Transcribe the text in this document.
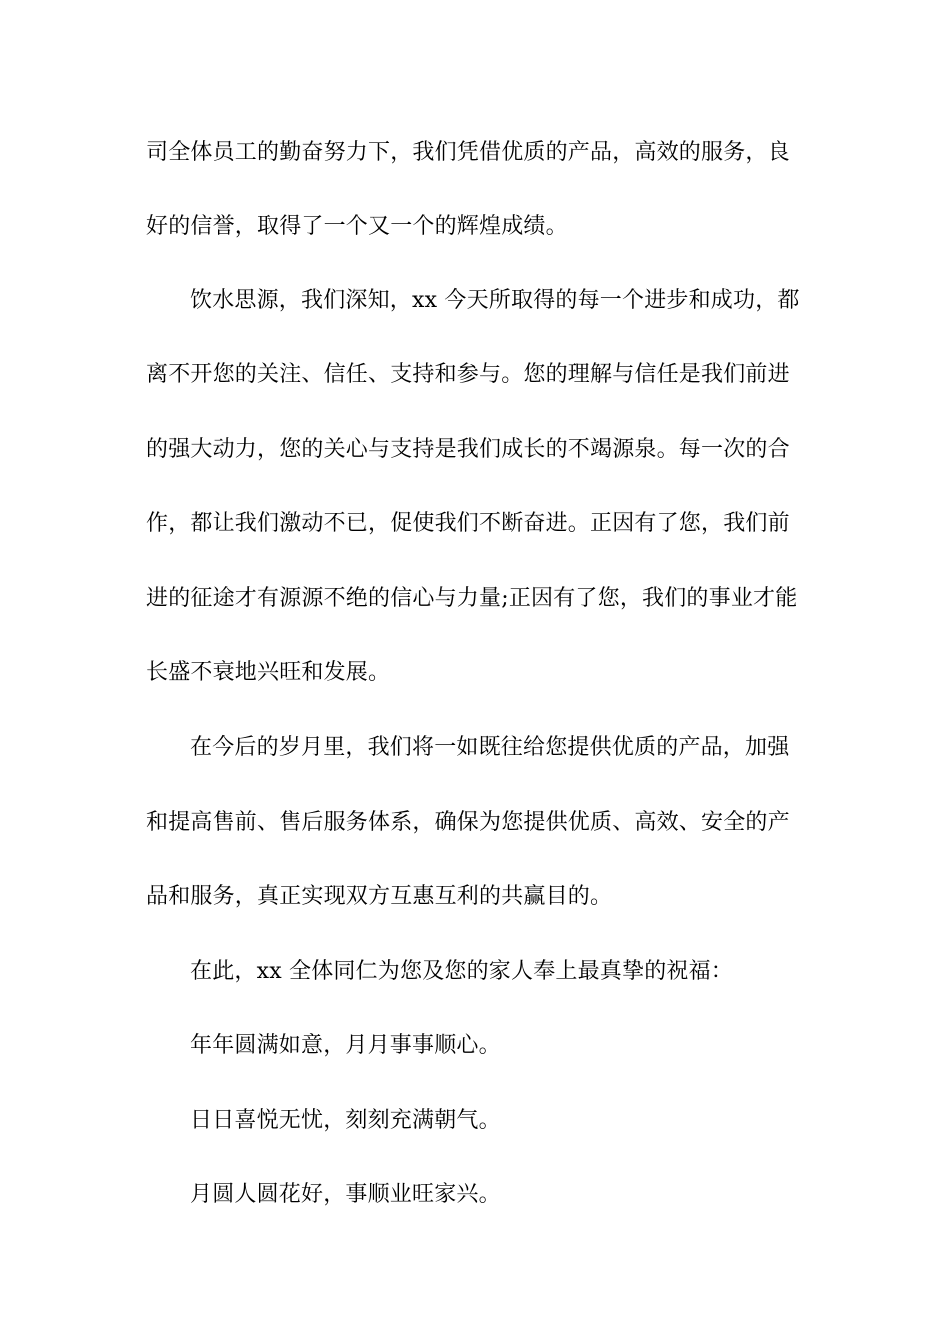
司全体员工的勤奋努力下，我们凭借优质的产品，高效的服务，良
好的信誉，取得了一个又一个的辉煌成绩。
饮水思源，我们深知，xx 今天所取得的每一个进步和成功，都
离不开您的关注、信任、支持和参与。您的理解与信任是我们前进
的强大动力，您的关心与支持是我们成长的不竭源泉。每一次的合
作，都让我们激动不已，促使我们不断奋进。正因有了您，我们前
进的征途才有源源不绝的信心与力量;正因有了您，我们的事业才能
长盛不衰地兴旺和发展。
在今后的岁月里，我们将一如既往给您提供优质的产品，加强
和提高售前、售后服务体系，确保为您提供优质、高效、安全的产
品和服务，真正实现双方互惠互利的共赢目的。
在此，xx 全体同仁为您及您的家人奉上最真挚的祝福：
年年圆满如意，月月事事顺心。
日日喜悦无忧，刻刻充满朝气。
月圆人圆花好，事顺业旺家兴。
